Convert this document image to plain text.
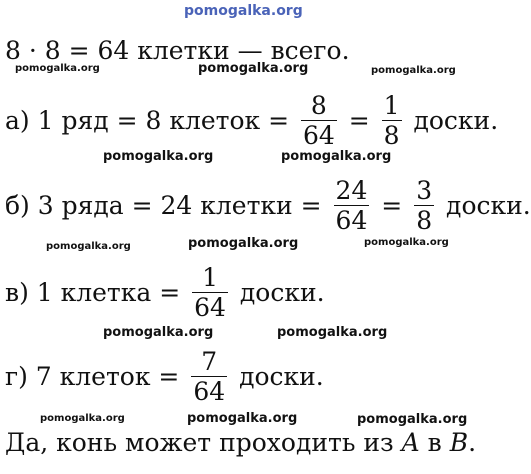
pomogalka.org
pomogalka.org	pomogalka.org	pomogalka.org
pomogalka.org	pomogalka.org
pomogalka.org	pomogalka.org	pomogalka.org
pomogalka.org	pomogalka.org
pomogalka.org	pomogalka.org	pomogalka.org
8 · 8 = 64 клетки — всего.
а) 1 ряд = 8 клеток = $\frac{8}{64} = \frac{1}{8}$ доски.
б) 3 ряда = 24 клетки = $\frac{24}{64} = \frac{3}{8}$ доски.
в) 1 клетка = $\frac{1}{64}$ доски.
г) 7 клеток = $\frac{7}{64}$ доски.
Да, конь может проходить из A в B .
